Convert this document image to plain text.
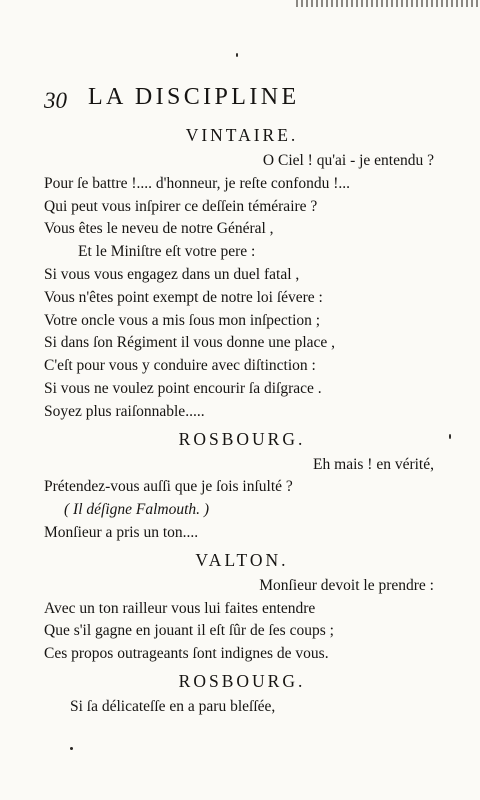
30 LA DISCIPLINE
VINTAIRE.
O Ciel ! qu'ai - je entendu ?
Pour ſe battre !.... d'honneur, je reſte confondu !...
Qui peut vous inſpirer ce deſſein téméraire ?
Vous êtes le neveu de notre Général ,
Et le Miniſtre eſt votre pere :
Si vous vous engagez dans un duel fatal ,
Vous n'êtes point exempt de notre loi ſévere :
Votre oncle vous a mis ſous mon inſpection ;
Si dans ſon Régiment il vous donne une place ,
C'eſt pour vous y conduire avec diſtinction :
Si vous ne voulez point encourir ſa diſgrace .
Soyez plus raiſonnable.....
ROSBOURG.
Eh mais ! en vérité,
Prétendez-vous auſſi que je ſois inſulté ?
( Il déſigne Falmouth. )
Monſieur a pris un ton....
VALTON.
Monſieur devoit le prendre :
Avec un ton railleur vous lui faites entendre
Que s'il gagne en jouant il eſt ſûr de ſes coups ;
Ces propos outrageants ſont indignes de vous.
ROSBOURG.
Si ſa délicateſſe en a paru bleſſée,
